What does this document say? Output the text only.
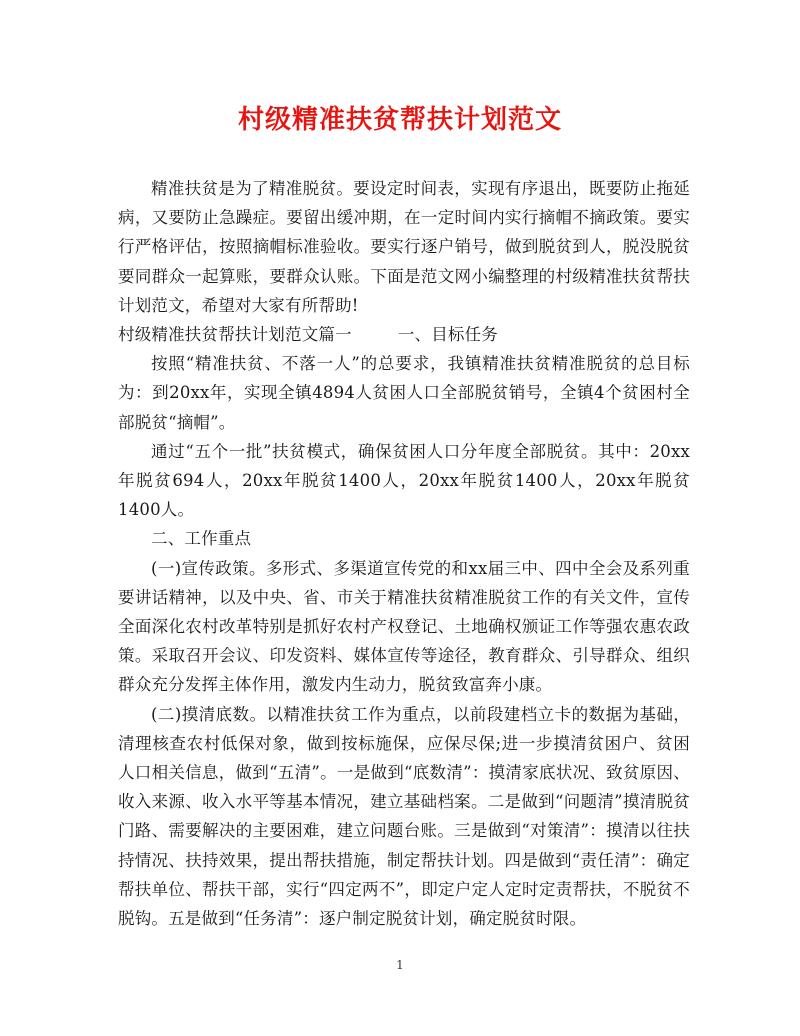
村级精准扶贫帮扶计划范文

精准扶贫是为了精准脱贫。要设定时间表，实现有序退出，既要防止拖延病，又要防止急躁症。要留出缓冲期，在一定时间内实行摘帽不摘政策。要实行严格评估，按照摘帽标准验收。要实行逐户销号，做到脱贫到人，脱没脱贫要同群众一起算账，要群众认账。下面是范文网小编整理的村级精准扶贫帮扶计划范文，希望对大家有所帮助!

村级精准扶贫帮扶计划范文篇一	一、目标任务

按照“精准扶贫、不落一人”的总要求，我镇精准扶贫精准脱贫的总目标为：到20xx年，实现全镇4894人贫困人口全部脱贫销号，全镇4个贫困村全部脱贫“摘帽”。

通过“五个一批”扶贫模式，确保贫困人口分年度全部脱贫。其中：20xx年脱贫694人，20xx年脱贫1400人，20xx年脱贫1400人，20xx年脱贫1400人。

二、工作重点

(一)宣传政策。多形式、多渠道宣传党的和xx届三中、四中全会及系列重要讲话精神，以及中央、省、市关于精准扶贫精准脱贫工作的有关文件，宣传全面深化农村改革特别是抓好农村产权登记、土地确权颁证工作等强农惠农政策。采取召开会议、印发资料、媒体宣传等途径，教育群众、引导群众、组织群众充分发挥主体作用，激发内生动力，脱贫致富奔小康。

(二)摸清底数。以精准扶贫工作为重点，以前段建档立卡的数据为基础，清理核查农村低保对象，做到按标施保，应保尽保;进一步摸清贫困户、贫困人口相关信息，做到“五清”。一是做到“底数清”：摸清家底状况、致贫原因、收入来源、收入水平等基本情况，建立基础档案。二是做到“问题清”摸清脱贫门路、需要解决的主要困难，建立问题台账。三是做到“对策清”：摸清以往扶持情况、扶持效果，提出帮扶措施，制定帮扶计划。四是做到“责任清”：确定帮扶单位、帮扶干部，实行“四定两不”，即定户定人定时定责帮扶，不脱贫不脱钩。五是做到“任务清”：逐户制定脱贫计划，确定脱贫时限。

1
